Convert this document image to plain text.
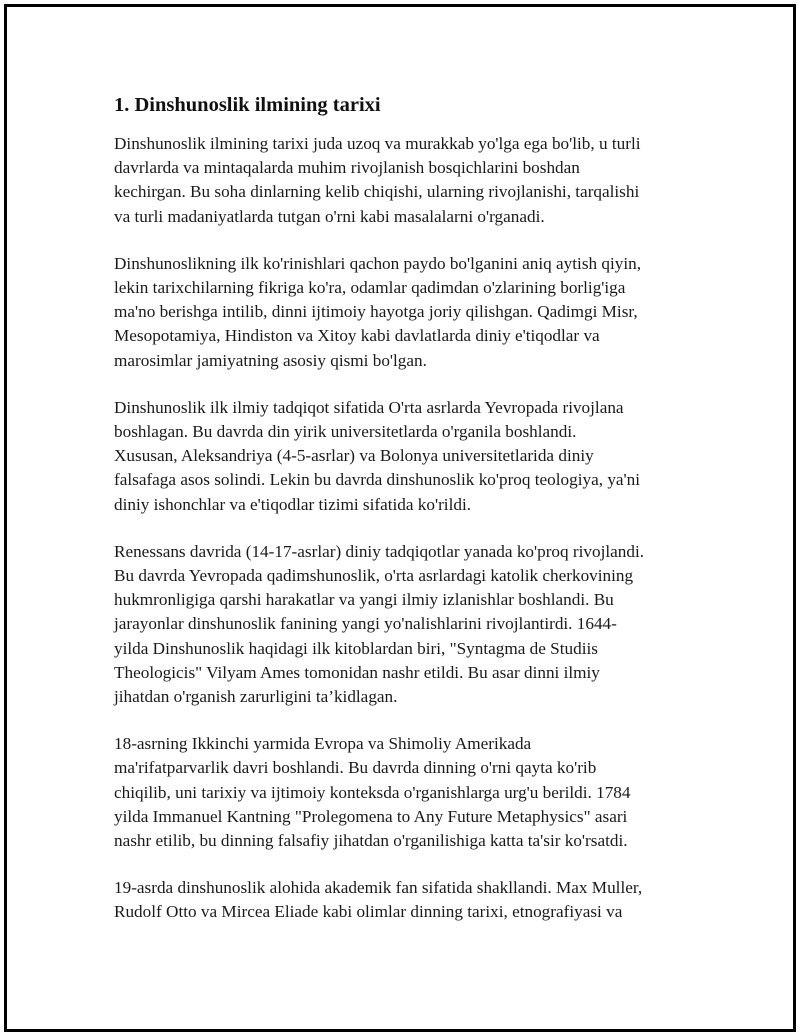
1. Dinshunoslik ilmining tarixi

Dinshunoslik ilmining tarixi juda uzoq va murakkab yo'lga ega bo'lib, u turli
davrlarda va mintaqalarda muhim rivojlanish bosqichlarini boshdan
kechirgan. Bu soha dinlarning kelib chiqishi, ularning rivojlanishi, tarqalishi
va turli madaniyatlarda tutgan o'rni kabi masalalarni o'rganadi.

Dinshunoslikning ilk ko'rinishlari qachon paydo bo'lganini aniq aytish qiyin,
lekin tarixchilarning fikriga ko'ra, odamlar qadimdan o'zlarining borlig'iga
ma'no berishga intilib, dinni ijtimoiy hayotga joriy qilishgan. Qadimgi Misr,
Mesopotamiya, Hindiston va Xitoy kabi davlatlarda diniy e'tiqodlar va
marosimlar jamiyatning asosiy qismi bo'lgan.

Dinshunoslik ilk ilmiy tadqiqot sifatida O'rta asrlarda Yevropada rivojlana
boshlagan. Bu davrda din yirik universitetlarda o'rganila boshlandi.
Xususan, Aleksandriya (4-5-asrlar) va Bolonya universitetlarida diniy
falsafaga asos solindi. Lekin bu davrda dinshunoslik ko'proq teologiya, ya'ni
diniy ishonchlar va e'tiqodlar tizimi sifatida ko'rildi.

Renessans davrida (14-17-asrlar) diniy tadqiqotlar yanada ko'proq rivojlandi.
Bu davrda Yevropada qadimshunoslik, o'rta asrlardagi katolik cherkovining
hukmronligiga qarshi harakatlar va yangi ilmiy izlanishlar boshlandi. Bu
jarayonlar dinshunoslik fanining yangi yo'nalishlarini rivojlantirdi. 1644-
yilda Dinshunoslik haqidagi ilk kitoblardan biri, "Syntagma de Studiis
Theologicis" Vilyam Ames tomonidan nashr etildi. Bu asar dinni ilmiy
jihatdan o'rganish zarurligini ta’kidlagan.

18-asrning Ikkinchi yarmida Evropa va Shimoliy Amerikada
ma'rifatparvarlik davri boshlandi. Bu davrda dinning o'rni qayta ko'rib
chiqilib, uni tarixiy va ijtimoiy konteksda o'rganishlarga urg'u berildi. 1784
yilda Immanuel Kantning "Prolegomena to Any Future Metaphysics" asari
nashr etilib, bu dinning falsafiy jihatdan o'rganilishiga katta ta'sir ko'rsatdi.

19-asrda dinshunoslik alohida akademik fan sifatida shakllandi. Max Muller,
Rudolf Otto va Mircea Eliade kabi olimlar dinning tarixi, etnografiyasi va
